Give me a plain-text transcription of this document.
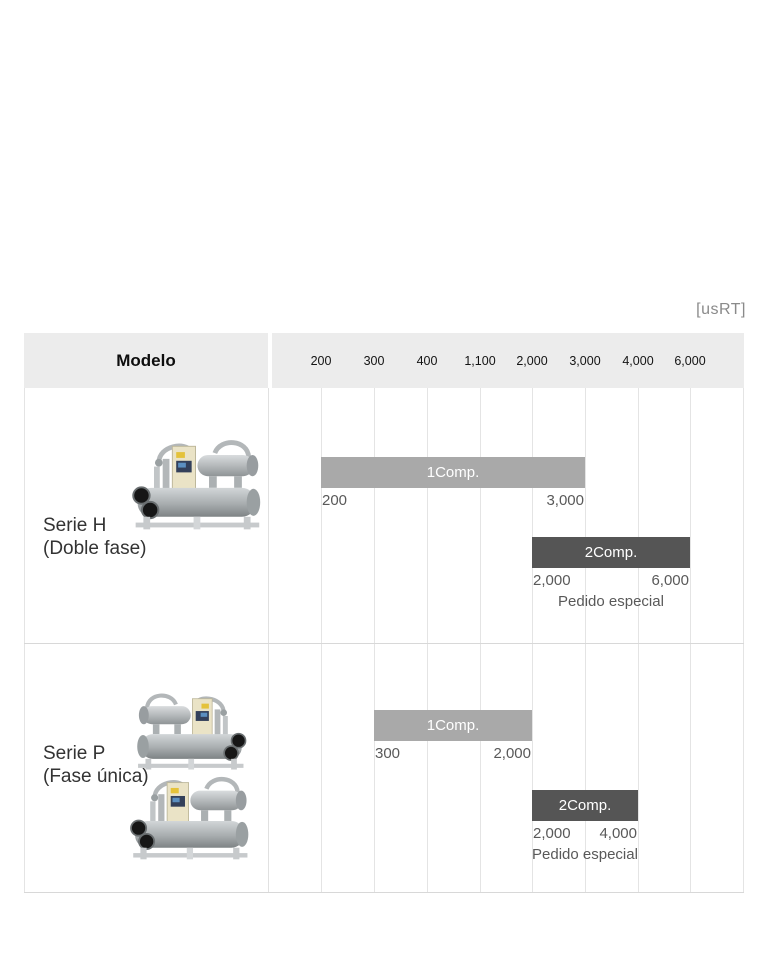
[usRT]
Modelo	200	300	400 1,100 2,000 3,000 4,000 6,000
Serie H
(Doble fase)
1Comp.
200	3,000
2Comp.
2,000	6,000
Pedido especial
Serie P
(Fase única)
1Comp.
300	2,000
2Comp.
2,000 4,000
Pedido especial
